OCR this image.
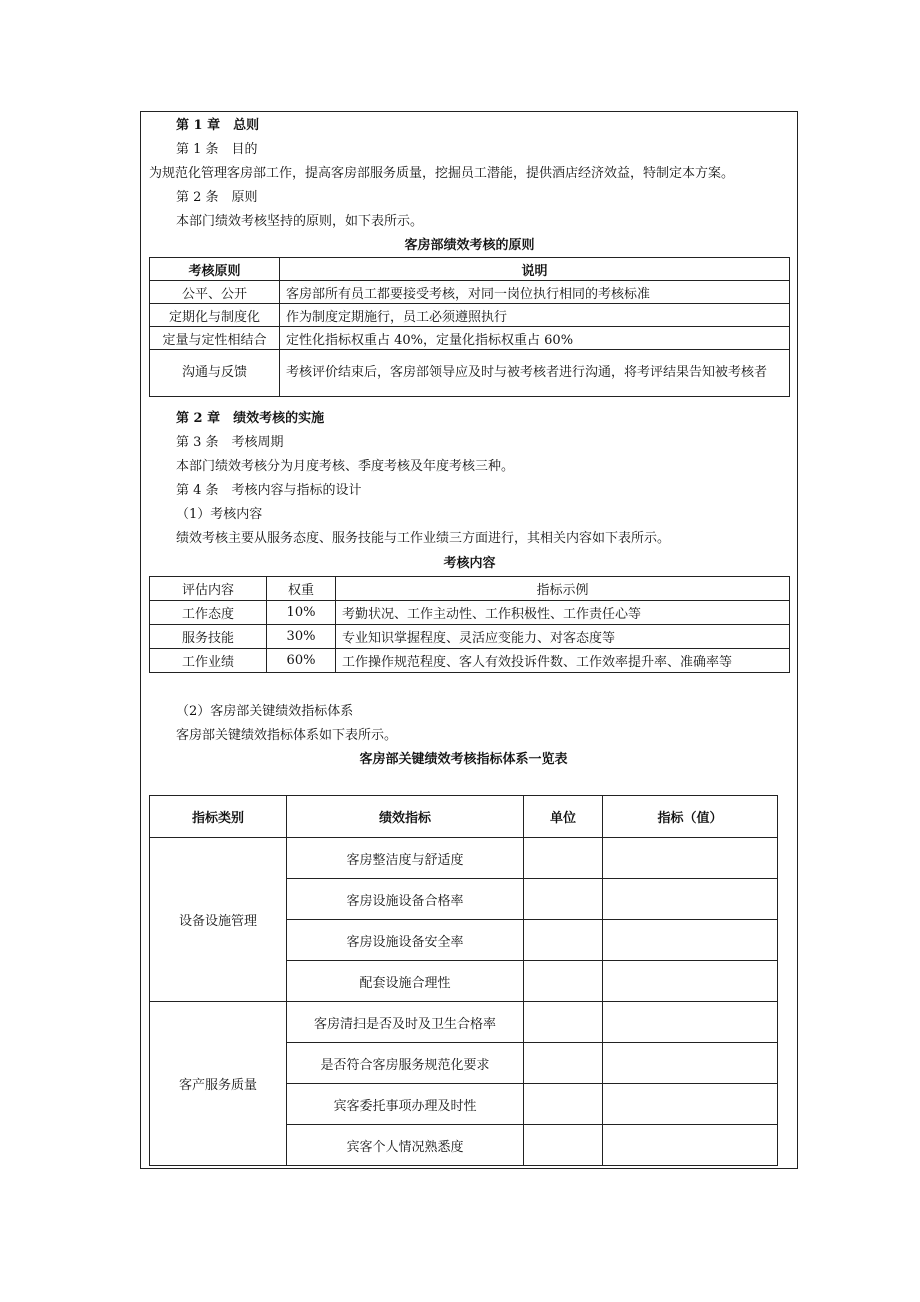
第 1 章　总则
第 1 条　目的
为规范化管理客房部工作，提高客房部服务质量，挖掘员工潜能，提供酒店经济效益，特制定本方案。
第 2 条　原则
本部门绩效考核坚持的原则，如下表所示。
客房部绩效考核的原则
考核原则	说明
公平、公开	客房部所有员工都要接受考核，对同一岗位执行相同的考核标准
定期化与制度化	作为制度定期施行，员工必须遵照执行
定量与定性相结合	定性化指标权重占 40%，定量化指标权重占 60%
沟通与反馈	考核评价结束后，客房部领导应及时与被考核者进行沟通，将考评结果告知被考核者
第 2 章　绩效考核的实施
第 3 条　考核周期
本部门绩效考核分为月度考核、季度考核及年度考核三种。
第 4 条　考核内容与指标的设计
（1）考核内容
绩效考核主要从服务态度、服务技能与工作业绩三方面进行，其相关内容如下表所示。
考核内容
评估内容	权重	指标示例
工作态度	10%	考勤状况、工作主动性、工作积极性、工作责任心等
服务技能	30%	专业知识掌握程度、灵活应变能力、对客态度等
工作业绩	60%	工作操作规范程度、客人有效投诉件数、工作效率提升率、准确率等
（2）客房部关键绩效指标体系
客房部关键绩效指标体系如下表所示。
客房部关键绩效考核指标体系一览表
指标类别	绩效指标	单位	指标（值）
设备设施管理	客房整洁度与舒适度		
	客房设施设备合格率		
	客房设施设备安全率		
	配套设施合理性		
客产服务质量	客房清扫是否及时及卫生合格率		
	是否符合客房服务规范化要求		
	宾客委托事项办理及时性		
	宾客个人情况熟悉度		
